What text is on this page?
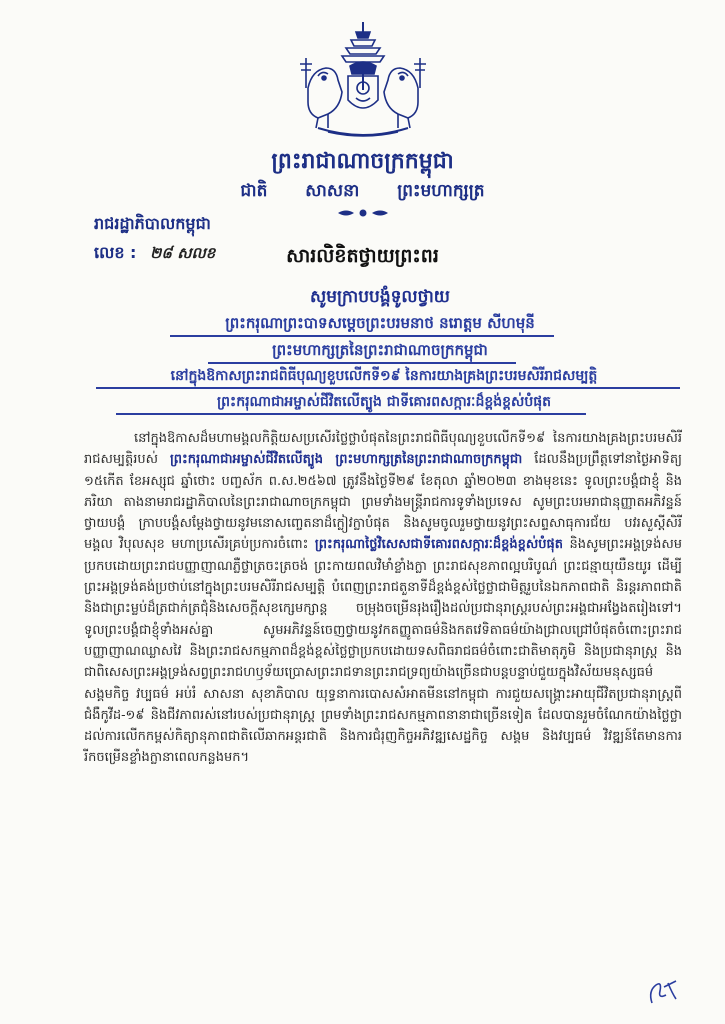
ព្រះរាជាណាចក្រកម្ពុជា
ជាតិ សាសនា ព្រះមហាក្សត្រ
រាជរដ្ឋាភិបាលកម្ពុជា
លេខ : ២៨ សលខ	សារលិខិតថ្វាយព្រះពរ
សូមក្រាបបង្គំទូលថ្វាយ
ព្រះករុណាព្រះបាទសម្តេចព្រះបរមនាថ នរោត្តម សីហមុនី
ព្រះមហាក្សត្រនៃព្រះរាជាណាចក្រកម្ពុជា
នៅក្នុងឱកាសព្រះរាជពិធីបុណ្យខួបលើកទី១៩ នៃការយាងគ្រងព្រះបរមសិរីរាជសម្បត្តិ
ព្រះករុណាជាអម្ចាស់ជីវិតលើត្បូង ជាទីគោរពសក្ការៈដ៏ខ្ពង់ខ្ពស់បំផុត
នៅក្នុងឱកាសដ៏មហាមង្គលកិត្តិយសប្រសើរថ្លៃថ្លាបំផុតនៃព្រះរាជពិធីបុណ្យខួបលើកទី១៩ នៃការយាងគ្រងព្រះបរមសិរីរាជសម្បត្តិរបស់ ព្រះករុណាជាអម្ចាស់ជីវិតលើត្បូង ព្រះមហាក្សត្រនៃព្រះរាជាណាចក្រកម្ពុជា ដែលនឹងប្រព្រឹត្តទៅនាថ្ងៃអាទិត្យ ១៥កើត ខែអស្សុជ ឆ្នាំថោះ បញ្ចស័ក ព.ស.២៥៦៧ ត្រូវនឹងថ្ងៃទី២៩ ខែតុលា ឆ្នាំ២០២៣ ខាងមុខនេះ ទូលព្រះបង្គំជាខ្ញុំ និងភរិយា តាងនាមរាជរដ្ឋាភិបាលនៃព្រះរាជាណាចក្រកម្ពុជា ព្រមទាំងមន្ត្រីរាជការទូទាំងប្រទេស សូមព្រះបរមរាជានុញ្ញាតអភិវន្ទន៍ថ្វាយបង្គំ ក្រាបបង្គំសម្តែងថ្វាយនូវមនោសញ្ចេតនាដ៏ក្លៀវក្លាបំផុត និងសូមចូលរួមថ្វាយនូវព្រះសព្ទសាធុការជ័យ បវរសួស្តីសិរីមង្គល វិបុលសុខ មហាប្រសើរគ្រប់ប្រការចំពោះ ព្រះករុណាថ្លៃវិសេសជាទីគោរពសក្ការៈដ៏ខ្ពង់ខ្ពស់បំផុត និងសូមព្រះអង្គទ្រង់សមប្រកបដោយព្រះរាជបញ្ញាញាណភ្លឺថ្លាត្រចះត្រចង់ ព្រះកាយពលវិមាំខ្លាំងក្លា ព្រះរាជសុខភាពល្អបរិបូណ៌ ព្រះជន្មាយុយឺនយូរ ដើម្បីព្រះអង្គទ្រង់គង់ប្រថាប់នៅក្នុងព្រះបរមសិរីរាជសម្បត្តិ បំពេញព្រះរាជតួនាទីដ៏ខ្ពង់ខ្ពស់ថ្លៃថ្លាជាមិត្តរួបនៃឯកភាពជាតិ និរន្តរភាពជាតិ និងជាព្រះម្លប់ដ៏ត្រជាក់ត្រជុំនិងសេចក្តីសុខក្សេមក្សាន្ត ចម្រុងចម្រើនរុងរឿងដល់ប្រជានុរាស្ត្ររបស់ព្រះអង្គជាអង្វែងតរៀងទៅ។ ទូលព្រះបង្គំជាខ្ញុំទាំងអស់គ្នា សូមអភិវន្ទន៍ចេញថ្វាយនូវកតញ្ញូតាធម៌និងកតវេទិតាធម៌យ៉ាងជ្រាលជ្រៅបំផុតចំពោះព្រះរាជបញ្ញាញាណឈ្លាសវៃ និងព្រះរាជសកម្មភាពដ៏ខ្ពង់ខ្ពស់ថ្លៃថ្លាប្រកបដោយទសពិធរាជធម៌ចំពោះជាតិមាតុភូមិ និងប្រជានុរាស្ត្រ និងជាពិសេសព្រះអង្គទ្រង់សព្វព្រះរាជហឫទ័យប្រោសព្រះរាជទានព្រះរាជទ្រព្យយ៉ាងច្រើនជាបន្តបន្ទាប់ជួយក្នុងវិស័យមនុស្សធម៌ សង្គមកិច្ច វប្បធម៌ អប់រំ សាសនា សុខាភិបាល យុទ្ធនាការបោសសំអាតមីននៅកម្ពុជា ការជួយសង្គ្រោះអាយុជីវិតប្រជានុរាស្ត្រពីជំងឺកូវីដ-១៩ និងជីវភាពរស់នៅរបស់ប្រជានុរាស្ត្រ ព្រមទាំងព្រះរាជសកម្មភាពនានាជាច្រើនទៀត ដែលបានរួមចំណែកយ៉ាងថ្លៃថ្លាដល់ការលើកកម្ពស់កិត្យានុភាពជាតិលើឆាកអន្តរជាតិ និងការជំរុញកិច្ចអភិវឌ្ឍសេដ្ឋកិច្ច សង្គម និងវប្បធម៌ វិវឌ្ឍន៍តែមានការរីកចម្រើនខ្លាំងក្លានាពេលកន្លងមក។
